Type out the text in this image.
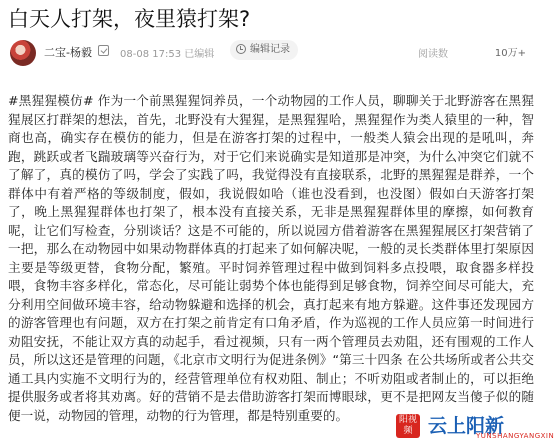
白天人打架，夜里猿打架?
二宝-杨毅	08-08 17:53 已编辑	编辑记录	阅读数	10万+
#黑猩猩模仿# 作为一个前黑猩猩饲养员，一个动物园的工作人员，聊聊关于北野游客在黑猩猩展区打群架的想法，首先，北野没有大猩猩，是黑猩猩哈，黑猩猩作为类人猿里的一种，智商也高，确实存在模仿的能力，但是在游客打架的过程中，一般类人猿会出现的是吼叫，奔跑，跳跃或者飞踹玻璃等兴奋行为，对于它们来说确实是知道那是冲突，为什么冲突它们就不了解了，真的模仿了吗，学会了实践了吗，我觉得没有直接联系，北野的黑猩猩是群养，一个群体中有着严格的等级制度，假如，我说假如哈（谁也没看到，也没图）假如白天游客打架了，晚上黑猩猩群体也打架了，根本没有直接关系，无非是黑猩猩群体里的摩擦，如何教育呢，让它们写检查，分别谈话？这是不可能的，所以说园方借着游客在黑猩猩展区打架营销了一把，那么在动物园中如果动物群体真的打起来了如何解决呢，一般的灵长类群体里打架原因主要是等级更替，食物分配，繁殖。平时饲养管理过程中做到饲料多点投喂，取食器多样投喂，食物丰容多样化，常态化，尽可能让弱势个体也能得到足够食物，饲养空间尽可能大，充分利用空间做环境丰容，给动物躲避和选择的机会，真打起来有地方躲避。这件事还发现园方的游客管理也有问题，双方在打架之前肯定有口角矛盾，作为巡视的工作人员应第一时间进行劝阻安抚，不能让双方真的动起手，看过视频，只有一两个管理员去劝阻，还有围观的工作人员，所以这还是管理的问题，《北京市文明行为促进条例》“第三十四条 在公共场所或者公共交通工具内实施不文明行为的，经营管理单位有权劝阻、制止；不听劝阻或者制止的，可以拒绝提供服务或者将其劝离。好的营销不是去借助游客打架而博眼球，更不是把网友当傻子似的随便一说，动物园的管理，动物的行为管理，都是特别重要的。	阳视频 云上阳新
YUNSHANGYANGXIN
